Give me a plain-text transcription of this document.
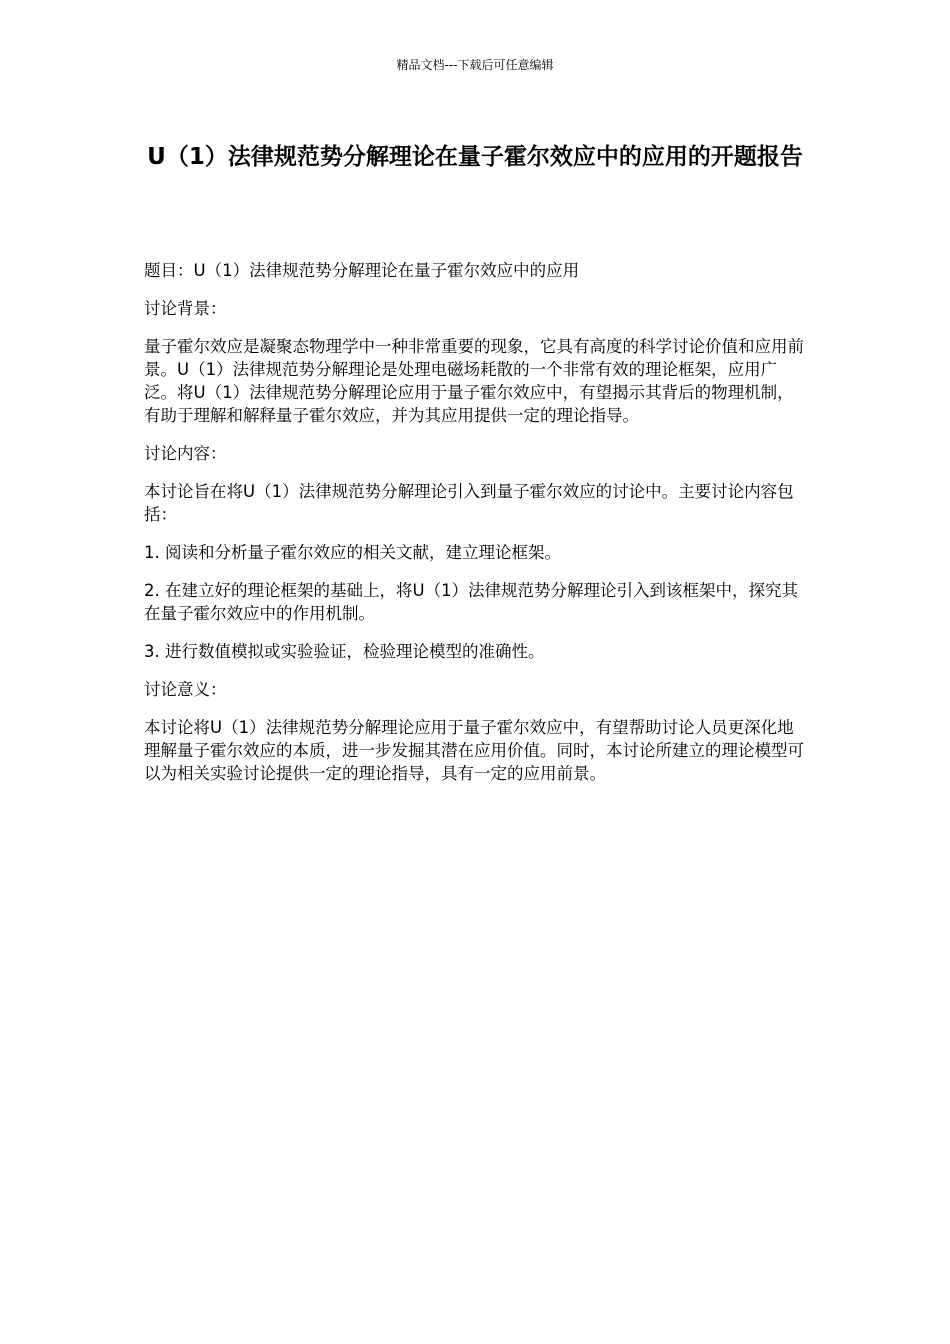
精品文档---下载后可任意编辑
U（1）法律规范势分解理论在量子霍尔效应中的应用的开题报告

题目：U（1）法律规范势分解理论在量子霍尔效应中的应用

讨论背景：

量子霍尔效应是凝聚态物理学中一种非常重要的现象，它具有高度的科学讨论价值和应用前景。U（1）法律规范势分解理论是处理电磁场耗散的一个非常有效的理论框架，应用广泛。将U（1）法律规范势分解理论应用于量子霍尔效应中，有望揭示其背后的物理机制，有助于理解和解释量子霍尔效应，并为其应用提供一定的理论指导。

讨论内容：

本讨论旨在将U（1）法律规范势分解理论引入到量子霍尔效应的讨论中。主要讨论内容包括：

1. 阅读和分析量子霍尔效应的相关文献，建立理论框架。

2. 在建立好的理论框架的基础上，将U（1）法律规范势分解理论引入到该框架中，探究其在量子霍尔效应中的作用机制。

3. 进行数值模拟或实验验证，检验理论模型的准确性。

讨论意义：

本讨论将U（1）法律规范势分解理论应用于量子霍尔效应中，有望帮助讨论人员更深化地理解量子霍尔效应的本质，进一步发掘其潜在应用价值。同时，本讨论所建立的理论模型可以为相关实验讨论提供一定的理论指导，具有一定的应用前景。
